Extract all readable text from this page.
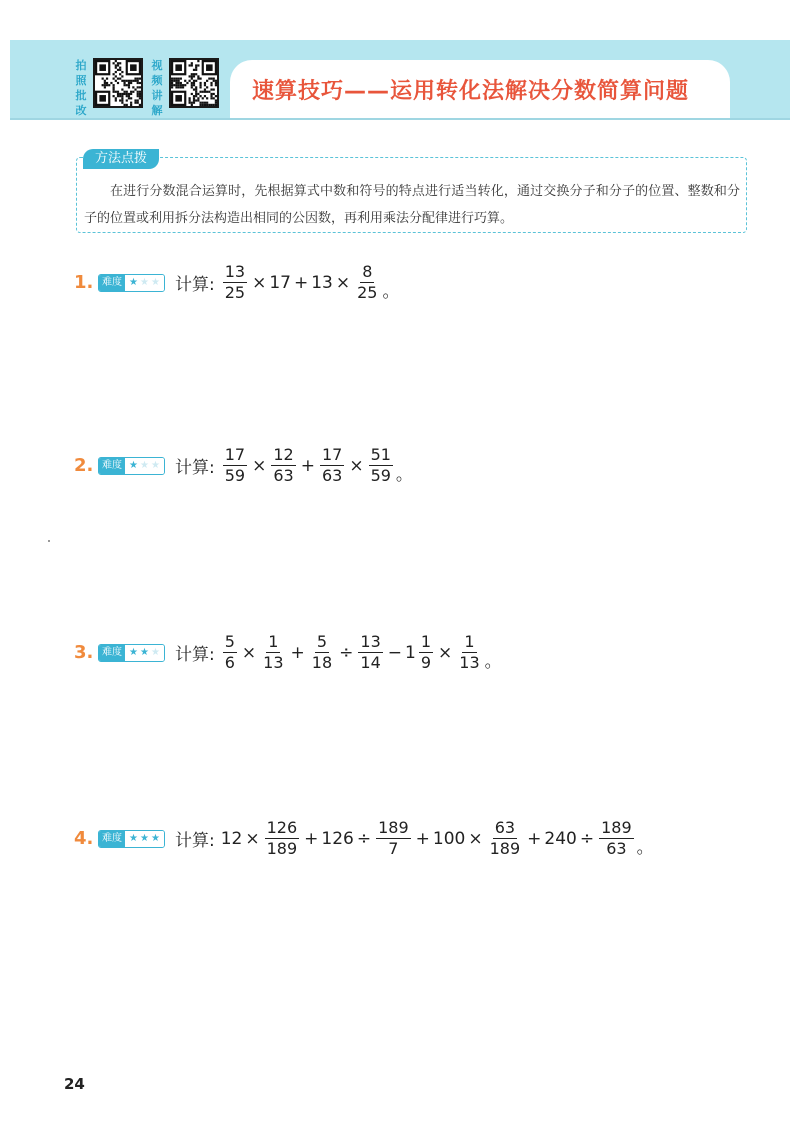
拍
照
批
改
视
频
讲
解
速算技巧——运用转化法解决分数简算问题
方法点拨
在进行分数混合运算时，先根据算式中数和符号的特点进行适当转化，通过交换分子和分子的位置、整数和分子的位置或利用拆分法构造出相同的公因数，再利用乘法分配律进行巧算。
1. 难度 ★ ★ ★ 计算: $\frac{13}{25} \times 17 + 13 \times \frac{8}{25}$ 。
2. 难度 ★ ★ ★ 计算: $\frac{17}{59} \times \frac{12}{63} + \frac{17}{63} \times \frac{51}{59}$ 。
3. 难度 ★ ★ ★ 计算: $\frac{5}{6} \times \frac{1}{13} + \frac{5}{18} \div \frac{13}{14} - 1 \frac{1}{9} \times \frac{1}{13}$ 。
4. 难度 ★ ★ ★ 计算: $12 \times \frac{126}{189} + 126 \div \frac{189}{7} + 100 \times \frac{63}{189} + 240 \div \frac{189}{63}$ 。
24
